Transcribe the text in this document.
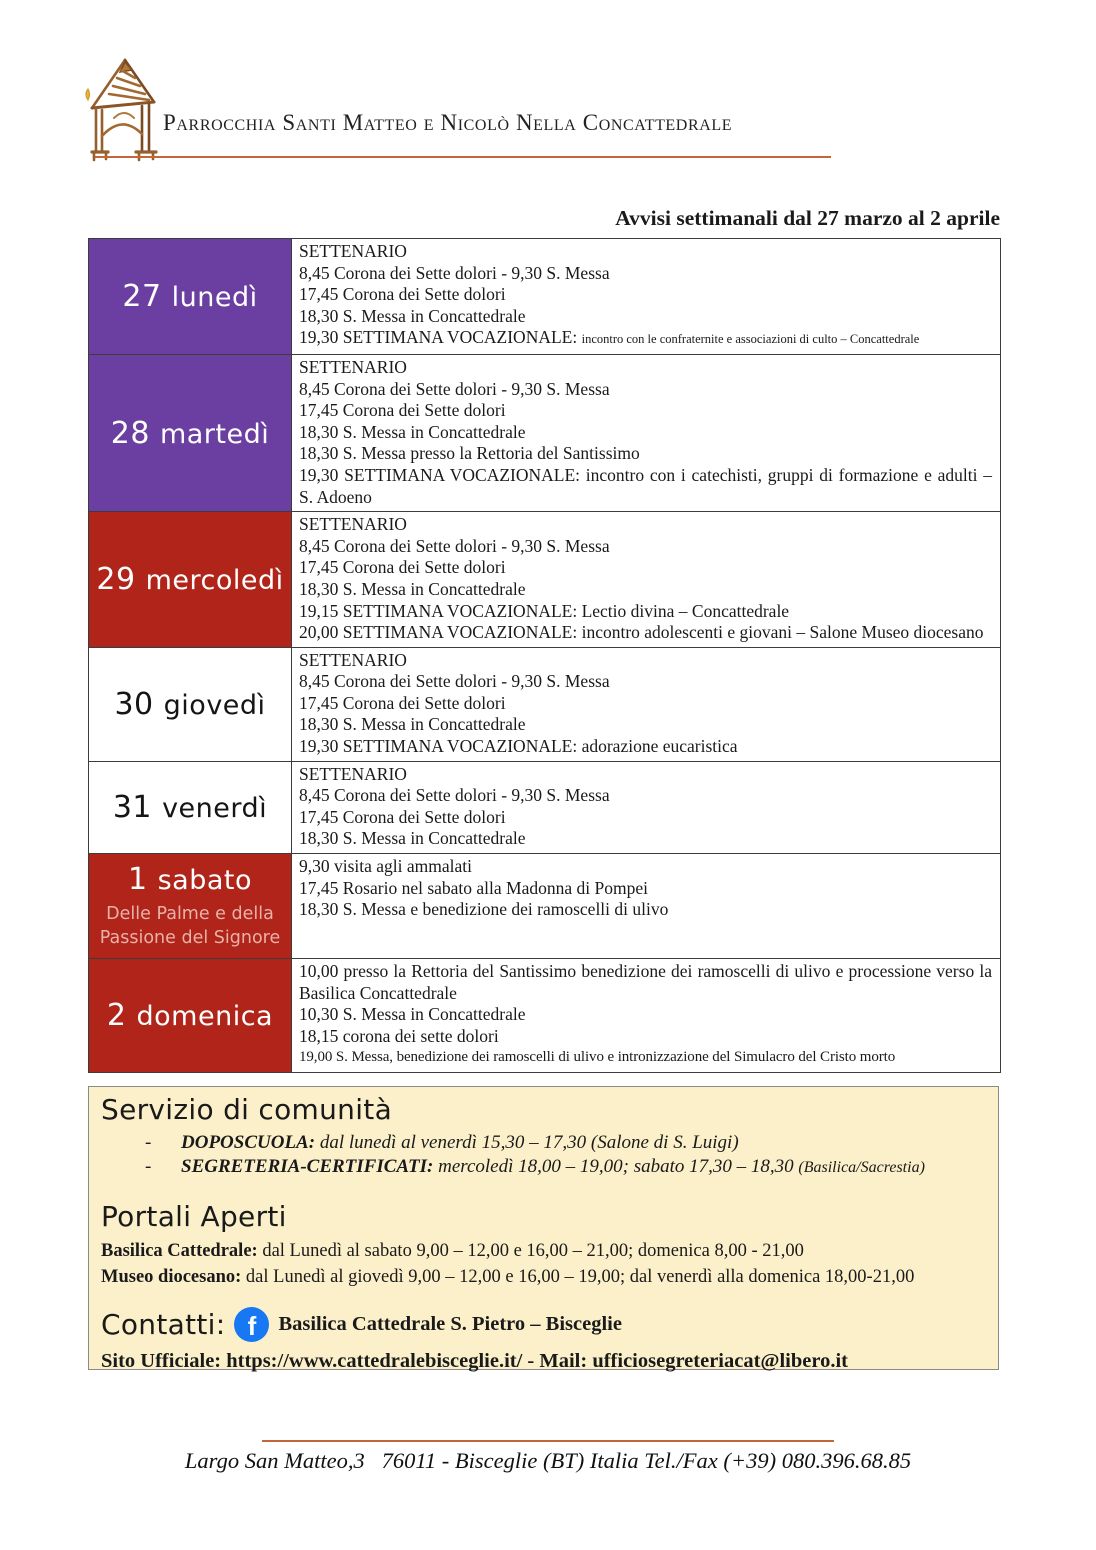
Parrocchia Santi Matteo e Nicolò Nella Concattedrale
Avvisi settimanali dal 27 marzo al 2 aprile
27 lunedì

SETTENARIO

8,45 Corona dei Sette dolori - 9,30 S. Messa

17,45 Corona dei Sette dolori

18,30 S. Messa in Concattedrale

19,30 SETTIMANA VOCAZIONALE: incontro con le confraternite e associazioni di culto – Concattedrale

28 martedì

SETTENARIO

8,45 Corona dei Sette dolori - 9,30 S. Messa

17,45 Corona dei Sette dolori

18,30 S. Messa in Concattedrale

18,30 S. Messa presso la Rettoria del Santissimo

19,30 SETTIMANA VOCAZIONALE: incontro con i catechisti, gruppi di formazione e adulti – S. Adoeno

29 mercoledì

SETTENARIO

8,45 Corona dei Sette dolori - 9,30 S. Messa

17,45 Corona dei Sette dolori

18,30 S. Messa in Concattedrale

19,15 SETTIMANA VOCAZIONALE: Lectio divina – Concattedrale

20,00 SETTIMANA VOCAZIONALE: incontro adolescenti e giovani – Salone Museo diocesano

30 giovedì

SETTENARIO

8,45 Corona dei Sette dolori - 9,30 S. Messa

17,45 Corona dei Sette dolori

18,30 S. Messa in Concattedrale

19,30 SETTIMANA VOCAZIONALE: adorazione eucaristica

31 venerdì

SETTENARIO

8,45 Corona dei Sette dolori - 9,30 S. Messa

17,45 Corona dei Sette dolori

18,30 S. Messa in Concattedrale

1 sabato
Delle Palme e della Passione del Signore

9,30 visita agli ammalati

17,45 Rosario nel sabato alla Madonna di Pompei

18,30 S. Messa e benedizione dei ramoscelli di ulivo

2 domenica

10,00 presso la Rettoria del Santissimo benedizione dei ramoscelli di ulivo e processione verso la Basilica Concattedrale

10,30 S. Messa in Concattedrale

18,15 corona dei sette dolori

19,00 S. Messa, benedizione dei ramoscelli di ulivo e intronizzazione del Simulacro del Cristo morto

Servizio di comunità
-	DOPOSCUOLA: dal lunedì al venerdì 15,30 – 17,30 (Salone di S. Luigi)
-	SEGRETERIA-CERTIFICATI: mercoledì 18,00 – 19,00; sabato 17,30 – 18,30 (Basilica/Sacrestia)
Portali Aperti

Basilica Cattedrale: dal Lunedì al sabato 9,00 – 12,00 e 16,00 – 21,00; domenica 8,00 - 21,00

Museo diocesano: dal Lunedì al giovedì 9,00 – 12,00 e 16,00 – 19,00; dal venerdì alla domenica 18,00-21,00

Contatti: f	Basilica Cattedrale S. Pietro – Bisceglie
Sito Ufficiale: https://www.cattedralebisceglie.it/ - Mail: ufficiosegreteriacat@libero.it
Largo San Matteo,3   76011 - Bisceglie (BT) Italia Tel./Fax (+39) 080.396.68.85
